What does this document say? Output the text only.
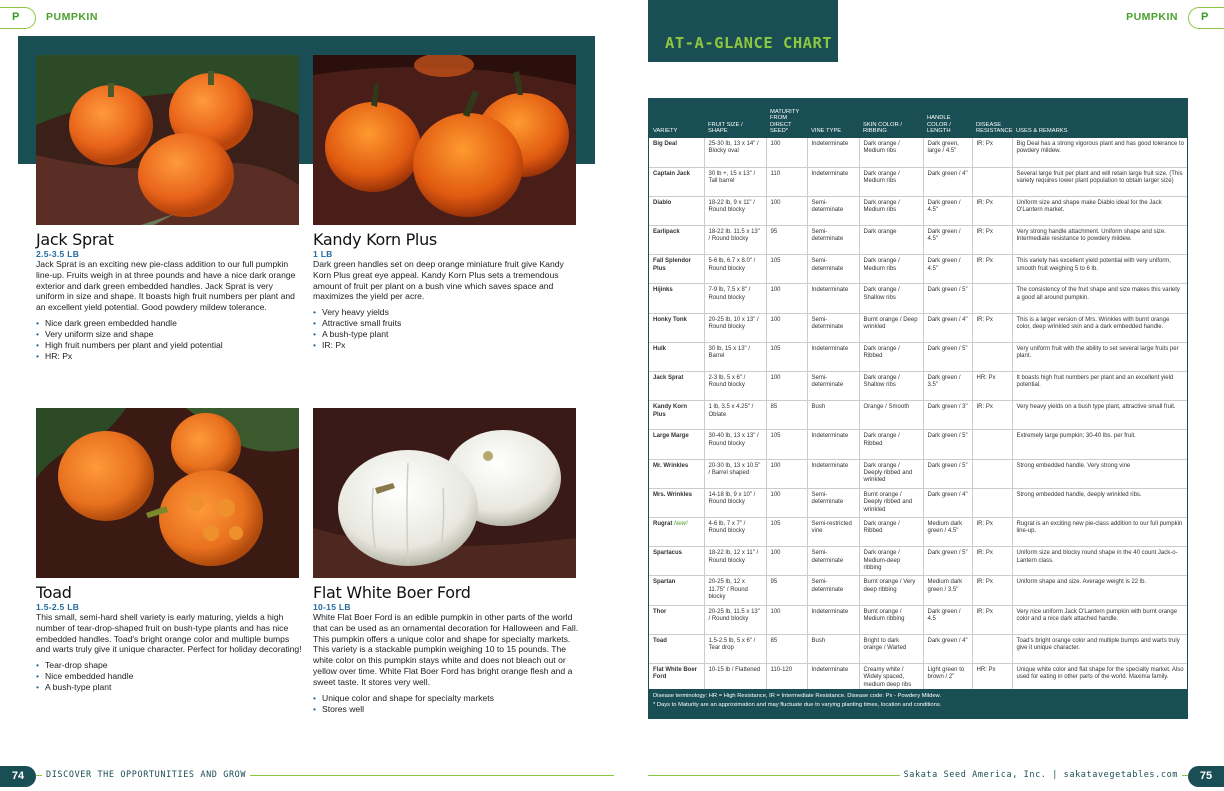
P	PUMPKIN	PUMPKIN P
Jack Sprat
2.5-3.5 LB
Jack Sprat is an exciting new pie-class addition to our full pumpkin line-up. Fruits weigh in at three pounds and have a nice dark orange exterior and dark green embedded handles. Jack Sprat is very uniform in size and shape. It boasts high fruit numbers per plant and an excellent yield potential. Good powdery mildew tolerance.
• Nice dark green embedded handle
• Very uniform size and shape
• High fruit numbers per plant and yield potential
• HR: Px
Kandy Korn Plus
1 LB
Dark green handles set on deep orange miniature fruit give Kandy Korn Plus great eye appeal. Kandy Korn Plus sets a tremendous amount of fruit per plant on a bush vine which saves space and maximizes the yield per acre.
• Very heavy yields
• Attractive small fruits
• A bush-type plant
• IR: Px
Toad
1.5-2.5 LB
This small, semi-hard shell variety is early maturing, yields a high number of tear-drop-shaped fruit on bush-type plants and has nice embedded handles. Toad's bright orange color and multiple bumps and warts truly give it unique character. Perfect for holiday decorating!
• Tear-drop shape
• Nice embedded handle
• A bush-type plant
Flat White Boer Ford
10-15 LB
White Flat Boer Ford is an edible pumpkin in other parts of the world that can be used as an ornamental decoration for Halloween and Fall. This pumpkin offers a unique color and shape for specialty markets. This variety is a stackable pumpkin weighing 10 to 15 pounds. The white color on this pumpkin stays white and does not bleach out or yellow over time. White Flat Boer Ford has bright orange flesh and a sweet taste. It stores very well.
• Unique color and shape for specialty markets
• Stores well
AT-A-GLANCE CHART
VARIETY	FRUIT SIZE / SHAPE	MATURITY FROM DIRECT SEED*	VINE TYPE	SKIN COLOR / RIBBING	HANDLE COLOR / LENGTH	DISEASE RESISTANCE	USES & REMARKS
Big Deal	25-30 lb, 13 x 14" / Blocky oval	100	Indeterminate	Dark orange / Medium ribs	Dark green, large / 4.5"	IR: Px	Big Deal has a strong vigorous plant and has good tolerance to powdery mildew.
Captain Jack	30 lb +, 15 x 13" / Tall barrel	110	Indeterminate	Dark orange / Medium ribs	Dark green / 4"		Several large fruit per plant and will retain large fruit size. (This variety requires lower plant population to obtain larger size)
Diablo	18-22 lb, 9 x 11" / Round blocky	100	Semi-determinate	Dark orange / Medium ribs	Dark green / 4.5"	IR: Px	Uniform size and shape make Diablo ideal for the Jack O'Lantern market.
Earlipack	18-22 lb. 11.5 x 13" / Round blocky	95	Semi-determinate	Dark orange	Dark green / 4.5"	IR: Px	Very strong handle attachment. Uniform shape and size. Intermediate resistance to powdery mildew.
Fall Splendor Plus	5-6 lb, 6.7 x 8.0" / Round blocky	105	Semi-determinate	Dark orange / Medium ribs	Dark green / 4.5"	IR: Px	This variety has excellent yield potential with very uniform, smooth fruit weighing 5 to 6 lb.
Hijinks	7-9 lb, 7.5 x 8" / Round blocky	100	Indeterminate	Dark orange / Shallow ribs	Dark green / 5"		The consistency of the fruit shape and size makes this variety a good all around pumpkin.
Honky Tonk	20-25 lb, 10 x 13" / Round blocky	100	Semi-determinate	Burnt orange / Deep wrinkled	Dark green / 4"	IR: Px	This is a larger version of Mrs. Wrinkles with burnt orange color, deep wrinkled skin and a dark embedded handle.
Hulk	30 lb, 15 x 13" / Barrel	105	Indeterminate	Dark orange / Ribbed	Dark green / 5"		Very uniform fruit with the ability to set several large fruits per plant.
Jack Sprat	2-3 lb, 5 x 6" / Round blocky	100	Semi-determinate	Dark orange / Shallow ribs	Dark green / 3.5"	HR: Px	It boasts high fruit numbers per plant and an excellent yield potential.
Kandy Korn Plus	1 lb, 3.5 x 4.25" / Oblate	85	Bush	Orange / Smooth	Dark green / 3"	IR: Px	Very heavy yields on a bush type plant, attractive small fruit.
Large Marge	30-40 lb, 13 x 13" / Round blocky	105	Indeterminate	Dark orange / Ribbed	Dark green / 5"		Extremely large pumpkin; 30-40 lbs. per fruit.
Mr. Wrinkles	20-30 lb, 13 x 10.5" / Barrel shaped	100	Indeterminate	Dark orange / Deeply ribbed and wrinkled	Dark green / 5"		Strong embedded handle. Very strong vine
Mrs. Wrinkles	14-18 lb, 9 x 10" / Round blocky	100	Semi-determinate	Burnt orange / Deeply ribbed and wrinkled	Dark green / 4"		Strong embedded handle, deeply wrinkled ribs.
Rugrat New!	4-6 lb, 7 x 7" / Round blocky	105	Semi-restricted vine	Dark orange / Ribbed	Medium dark green / 4.5"	IR: Px	Rugrat is an exciting new pie-class addition to our full pumpkin line-up.
Spartacus	18-22 lb, 12 x 11" / Round blocky	100	Semi-determinate	Dark orange / Medium-deep ribbing	Dark green / 5"	IR: Px	Uniform size and blocky round shape in the 40 count Jack-o-Lantern class.
Spartan	20-25 lb, 12 x 11.75" / Round blocky	95	Semi-determinate	Burnt orange / Very deep ribbing	Medium dark green / 3.5"	IR: Px	Uniform shape and size. Average weight is 22 lb.
Thor	20-25 lb, 11.5 x 13" / Round blocky	100	Indeterminate	Burnt orange / Medium ribbing	Dark green / 4.5	IR: Px	Very nice uniform Jack O'Lantern pumpkin with burnt orange color and a nice dark attached handle.
Toad	1.5-2.5 lb, 5 x 6" / Tear drop	85	Bush	Bright to dark orange / Warted	Dark green / 4"		Toad's bright orange color and multiple bumps and warts truly give it unique character.
Flat White Boer Ford	10-15 lb / Flattened	110-120	Indeterminate	Creamy white / Widely spaced, medium deep ribs	Light green to brown / 2"	HR: Px	Unique white color and flat shape for the specialty market. Also used for eating in other parts of the world. Maxima family.
Disease terminology: HR = High Resistance, IR = Intermediate Resistance. Disease code: Px - Powdery Mildew.
* Days to Maturity are an approximation and may fluctuate due to varying planting times, location and conditions.
74	DISCOVER THE OPPORTUNITIES AND GROW	Sakata Seed America, Inc. | sakatavegetables.com	75
